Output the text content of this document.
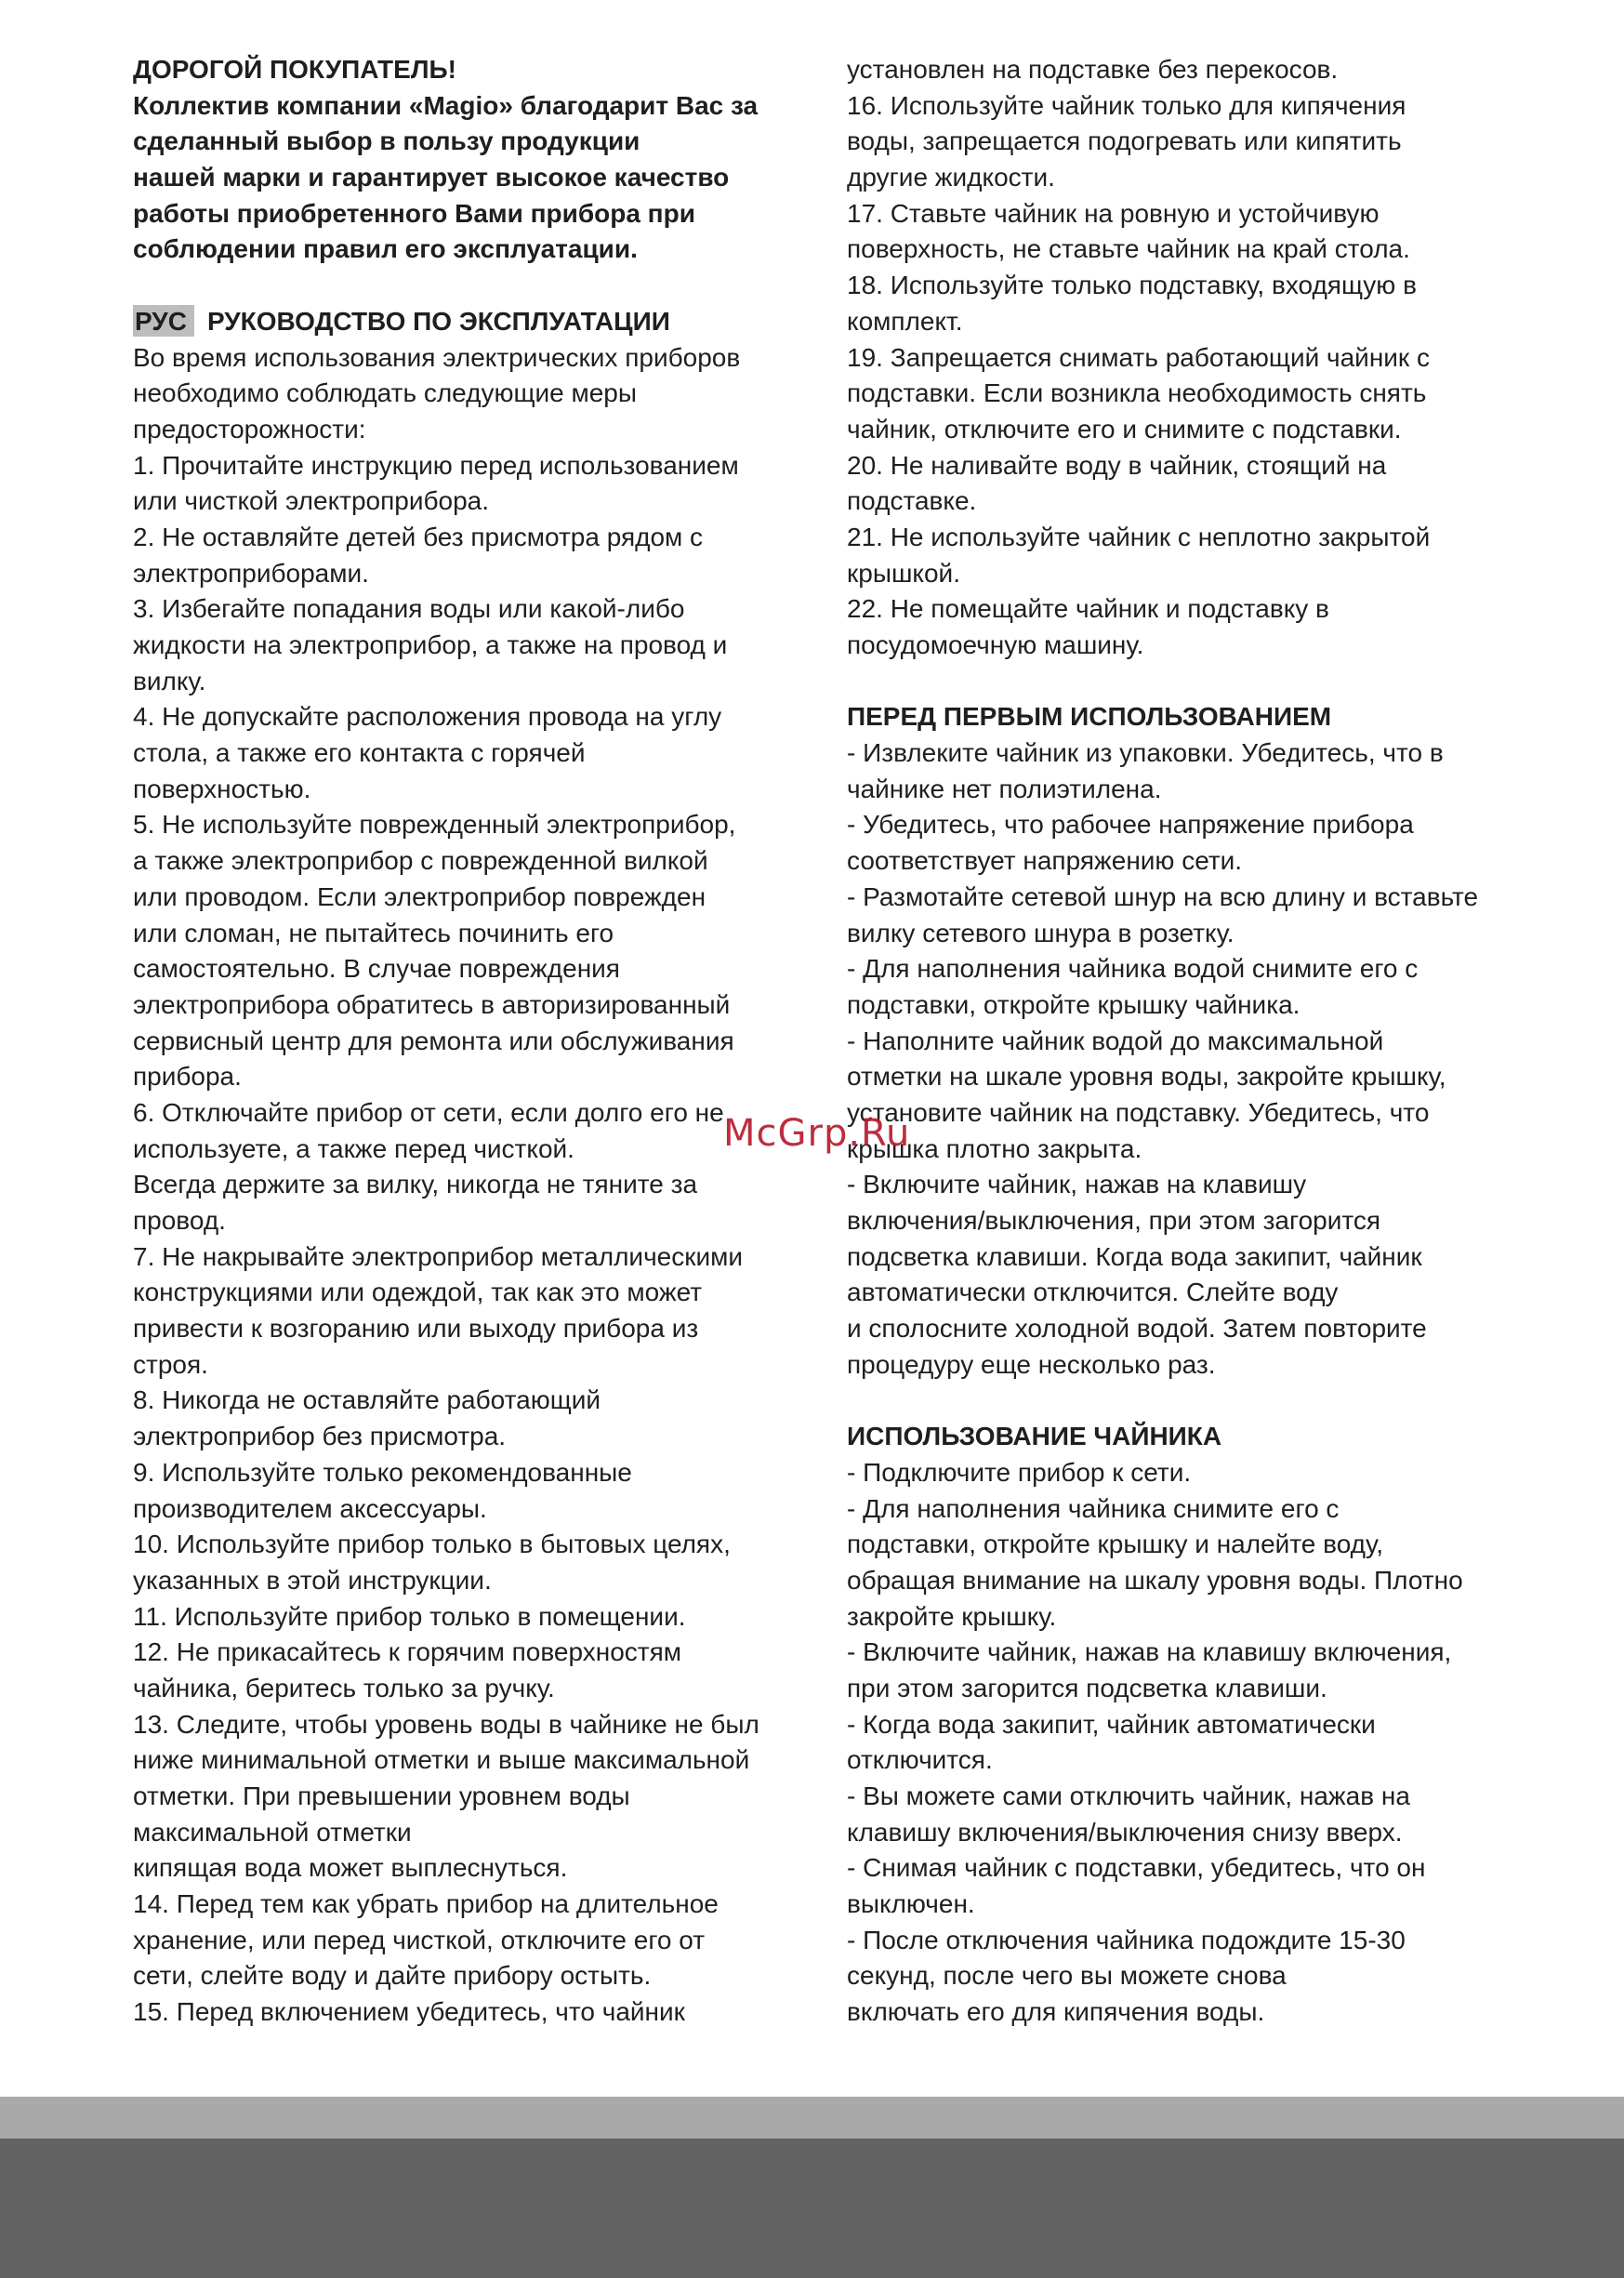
ДОРОГОЙ ПОКУПАТЕЛЬ!
Коллектив компании «Magio» благодарит Вас за
сделанный выбор в пользу продукции
нашей марки и гарантирует высокое качество
работы приобретенного Вами прибора при
соблюдении правил его эксплуатации.
РУС РУКОВОДСТВО ПО ЭКСПЛУАТАЦИИ
Во время использования электрических приборов
необходимо соблюдать следующие меры
предосторожности:
1. Прочитайте инструкцию перед использованием
или чисткой электроприбора.
2. Не оставляйте детей без присмотра рядом с
электроприборами.
3. Избегайте попадания воды или какой-либо
жидкости на электроприбор, а также на провод и
вилку.
4. Не допускайте расположения провода на углу
стола, а также его контакта с горячей
поверхностью.
5. Не используйте поврежденный электроприбор,
а также электроприбор с поврежденной вилкой
или проводом. Если электроприбор поврежден
или сломан, не пытайтесь починить его
самостоятельно. В случае повреждения
электроприбора обратитесь в авторизированный
сервисный центр для ремонта или обслуживания
прибора.
6. Отключайте прибор от сети, если долго его не
используете, а также перед чисткой.
Всегда держите за вилку, никогда не тяните за
провод.
7. Не накрывайте электроприбор металлическими
конструкциями или одеждой, так как это может
привести к возгоранию или выходу прибора из
строя.
8. Никогда не оставляйте работающий
электроприбор без присмотра.
9. Используйте только рекомендованные
производителем аксессуары.
10. Используйте прибор только в бытовых целях,
указанных в этой инструкции.
11. Используйте прибор только в помещении.
12. Не прикасайтесь к горячим поверхностям
чайника, беритесь только за ручку.
13. Следите, чтобы уровень воды в чайнике не был
ниже минимальной отметки и выше максимальной
отметки. При превышении уровнем воды
максимальной отметки
кипящая вода может выплеснуться.
14. Перед тем как убрать прибор на длительное
хранение, или перед чисткой, отключите его от
сети, слейте воду и дайте прибору остыть.
15. Перед включением убедитесь, что чайник
установлен на подставке без перекосов.
16. Используйте чайник только для кипячения
воды, запрещается подогревать или кипятить
другие жидкости.
17. Ставьте чайник на ровную и устойчивую
поверхность, не ставьте чайник на край стола.
18. Используйте только подставку, входящую в
комплект.
19. Запрещается снимать работающий чайник с
подставки. Если возникла необходимость снять
чайник, отключите его и снимите с подставки.
20. Не наливайте воду в чайник, стоящий на
подставке.
21. Не используйте чайник с неплотно закрытой
крышкой.
22. Не помещайте чайник и подставку в
посудомоечную машину.
ПЕРЕД ПЕРВЫМ ИСПОЛЬЗОВАНИЕМ
- Извлеките чайник из упаковки. Убедитесь, что в
чайнике нет полиэтилена.
- Убедитесь, что рабочее напряжение прибора
соответствует напряжению сети.
- Размотайте сетевой шнур на всю длину и вставьте
вилку сетевого шнура в розетку.
- Для наполнения чайника водой снимите его с
подставки, откройте крышку чайника.
- Наполните чайник водой до максимальной
отметки на шкале уровня воды, закройте крышку,
установите чайник на подставку. Убедитесь, что
крышка плотно закрыта.
- Включите чайник, нажав на клавишу
включения/выключения, при этом загорится
подсветка клавиши. Когда вода закипит, чайник
автоматически отключится. Слейте воду
и сполосните холодной водой. Затем повторите
процедуру еще несколько раз.
ИСПОЛЬЗОВАНИЕ ЧАЙНИКА
- Подключите прибор к сети.
- Для наполнения чайника снимите его с
подставки, откройте крышку и налейте воду,
обращая внимание на шкалу уровня воды. Плотно
закройте крышку.
- Включите чайник, нажав на клавишу включения,
при этом загорится подсветка клавиши.
- Когда вода закипит, чайник автоматически
отключится.
- Вы можете сами отключить чайник, нажав на
клавишу включения/выключения снизу вверх.
- Снимая чайник с подставки, убедитесь, что он
выключен.
- После отключения чайника подождите 15-30
секунд, после чего вы можете снова
включать его для кипячения воды.
McGrp.Ru
